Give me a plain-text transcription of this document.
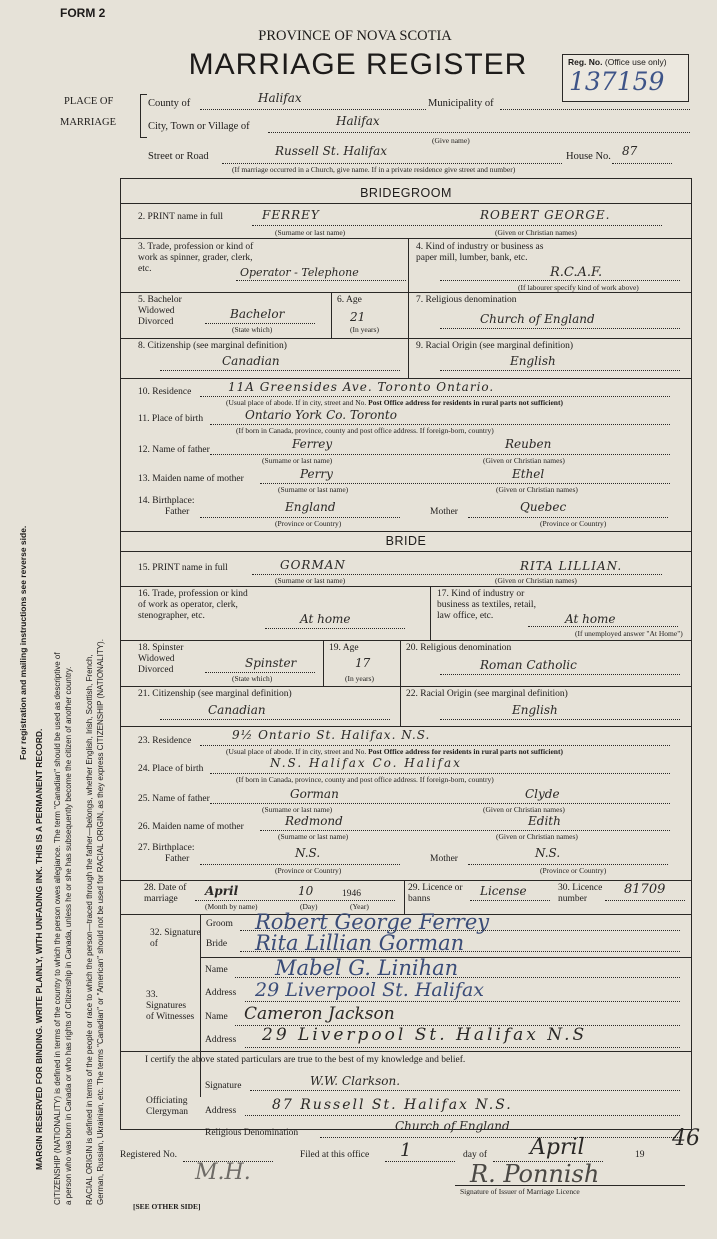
For registration and mailing instructions see reverse side.
MARGIN RESERVED FOR BINDING. WRITE PLAINLY, WITH UNFADING INK. THIS IS A PERMANENT RECORD. CITIZENSHIP (NATIONALITY) is defined in terms of the country to which the person owes allegiance. The term "Canadian" should be used as descriptive of a person who was born in Canada or who has rights of Citizenship in Canada, unless he or she has subsequently become the citizen of another country. RACIAL ORIGIN is defined in terms of the people or race to which the person—traced through the father—belongs, whether English, Irish, Scottish, French, German, Russian, Ukrainian, etc. The terms "Canadian" or "American" should not be used for RACIAL ORIGIN, as they express CITIZENSHIP (NATIONALITY).
FORM 2
PROVINCE OF NOVA SCOTIA
MARRIAGE REGISTER	Reg. No. (Office use only)
137159
PLACE OF
MARRIAGE
County of	Halifax	Municipality of
City, Town or Village of	Halifax
(Give name)
Street or Road	Russell St. Halifax	House No. 87
(If marriage occurred in a Church, give name. If in a private residence give street and number)
BRIDEGROOM
2. PRINT name in full	FERREY	ROBERT GEORGE.
(Surname or last name)	(Given or Christian names)
3. Trade, profession or kind of work as spinner, grader, clerk, etc.	Operator - Telephone
4. Kind of industry or business as paper mill, lumber, bank, etc.
R.C.A.F.
(If labourer specify kind of work above)
5. Bachelor Widowed Divorced
Bachelor
(State which)
6. Age
21
(In years)
7. Religious denomination
Church of England
8. Citizenship (see marginal definition)
Canadian
9. Racial Origin (see marginal definition)
English
10. Residence	11A Greensides Ave. Toronto Ontario.
(Usual place of abode. If in city, street and No. Post Office address for residents in rural parts not sufficient)
11. Place of birth	Ontario York Co. Toronto
(If born in Canada, province, county and post office address. If foreign-born, country)
12. Name of father	Ferrey	Reuben
(Surname or last name)	(Given or Christian names)
13. Maiden name of mother	Perry	Ethel
(Surname or last name)	(Given or Christian names)
14. Birthplace:
Father	England	Mother	Quebec
(Province or Country)	(Province or Country)
BRIDE
15. PRINT name in full	GORMAN	RITA LILLIAN.
(Surname or last name)	(Given or Christian names)
16. Trade, profession or kind of work as operator, clerk, stenographer, etc.	At home
17. Kind of industry or business as textiles, retail, law office, etc.	At home
(If unemployed answer "At Home")
18. Spinster Widowed Divorced	Spinster
(State which)
19. Age
17
(In years)
20. Religious denomination
Roman Catholic
21. Citizenship (see marginal definition)
Canadian
22. Racial Origin (see marginal definition)
English
23. Residence	9½ Ontario St. Halifax. N.S.
(Usual place of abode. If in city, street and No. Post Office address for residents in rural parts not sufficient)
24. Place of birth	N.S. Halifax Co. Halifax
(If born in Canada, province, county and post office address. If foreign-born, country)
25. Name of father	Gorman	Clyde
(Surname or last name)	(Given or Christian names)
26. Maiden name of mother	Redmond	Edith
(Surname or last name)	(Given or Christian names)
27. Birthplace:
Father	N.S.	Mother	N.S.
(Province or Country)	(Province or Country)
28. Date of marriage
April	10	1946
(Month by name)	(Day)	(Year)
29. Licence or banns
License	30. Licence number
81709
32. Signature of
Groom Robert George Ferrey
Bride Rita Lillian Gorman
33. Signatures of Witnesses
Name Mabel G. Linihan
Address 29 Liverpool St. Halifax
Name Cameron Jackson
Address 29 Liverpool St. Halifax N.S
I certify the above stated particulars are true to the best of my knowledge and belief.
Officiating Clergyman
Signature	W.W. Clarkson.
Address	87 Russell St. Halifax N.S.
Religious Denomination	Church of England
Registered No.	Filed at this office 1	day of April	19
46
M.H.	R. Ponnish
Signature of Issuer of Marriage Licence
[SEE OTHER SIDE]
